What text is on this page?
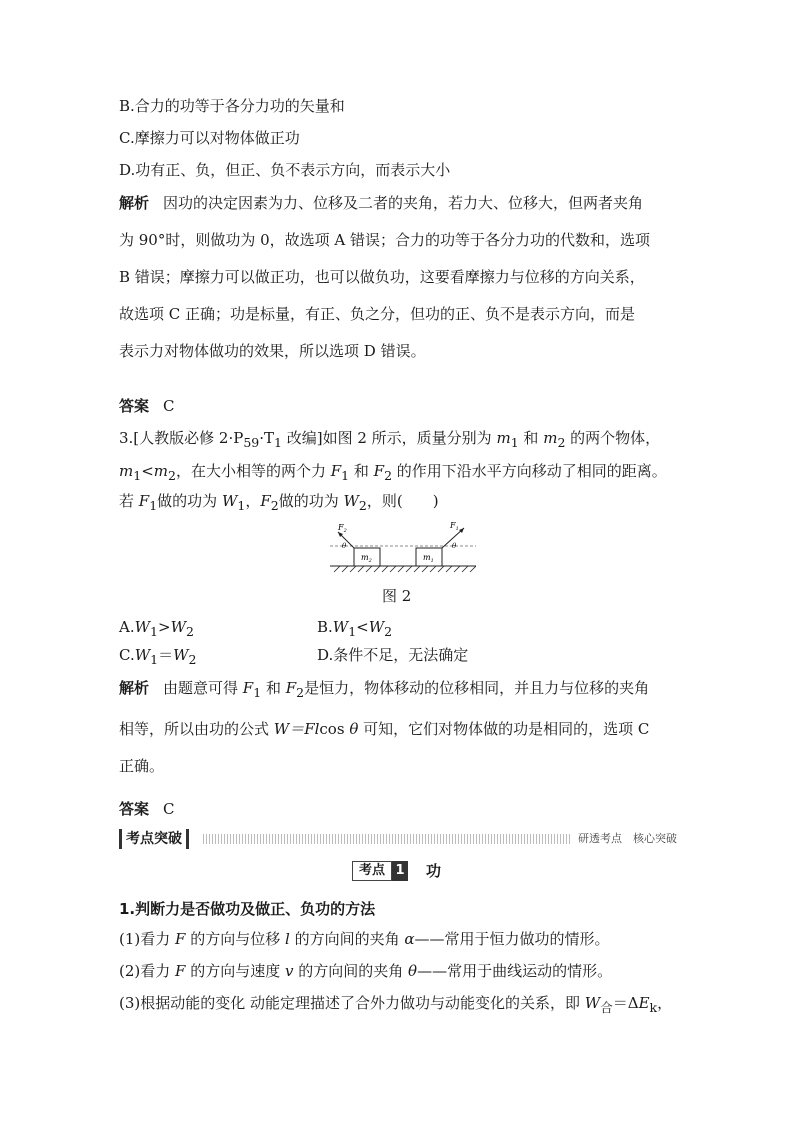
B.合力的功等于各分力功的矢量和
C.摩擦力可以对物体做正功
D.功有正、负，但正、负不表示方向，而表示大小
解析 因功的决定因素为力、位移及二者的夹角，若力大、位移大，但两者夹角
为 90°时，则做功为 0，故选项 A 错误；合力的功等于各分力功的代数和，选项
B 错误；摩擦力可以做正功，也可以做负功，这要看摩擦力与位移的方向关系，
故选项 C 正确；功是标量，有正、负之分，但功的正、负不是表示方向，而是
表示力对物体做功的效果，所以选项 D 错误。
答案 C
3.[人教版必修 $2\cdot P_{59}\cdot T_1$ 改编]如图 2 所示，质量分别为 $m_1$ 和 $m_2$ 的两个物体，
$m_1<m_2$，在大小相等的两个力 $F_1$ 和 $F_2$ 的作用下沿水平方向移动了相同的距离。
若 $F_1$做的功为 $W_1$，$F_2$做的功为 $W_2$，则(　　)
$m_2$
$F_2$
θ
$m_1$
$F_1$
θ
图 2
$A.W_1>W_2$	$B.W_1<W_2$
$C.W_1=W_2$	D.条件不足，无法确定
解析 由题意可得 $F_1$ 和 $F_2$是恒力，物体移动的位移相同，并且力与位移的夹角
相等，所以由功的公式 W＝Flcos θ 可知，它们对物体做的功是相同的，选项 C
正确。
答案 C
考点突破	研透考点　核心突破
考点 1 功
1.判断力是否做功及做正、负功的方法
(1)看力 F 的方向与位移 l 的方向间的夹角 α——常用于恒力做功的情形。
(2)看力 F 的方向与速度 v 的方向间的夹角 θ——常用于曲线运动的情形。
(3)根据动能的变化 动能定理描述了合外力做功与动能变化的关系，即 $W_合=\Delta E_k$，
